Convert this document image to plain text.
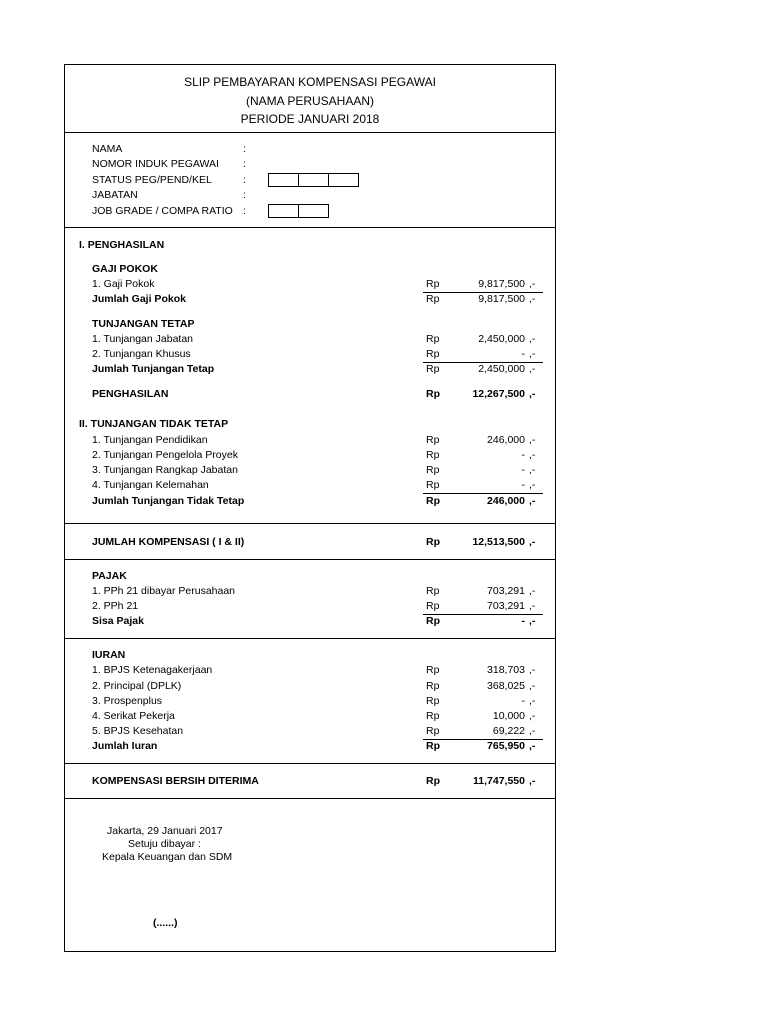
SLIP PEMBAYARAN KOMPENSASI PEGAWAI
(NAMA PERUSAHAAN)
PERIODE JANUARI 2018
NAMA	:
NOMOR INDUK PEGAWAI :
STATUS PEG/PEND/KEL	:
JABATAN	:
JOB GRADE / COMPA RATIO :
I. PENGHASILAN
GAJI POKOK
1. Gaji Pokok	Rp	9,817,500 ,-
Jumlah Gaji Pokok	Rp	9,817,500 ,-
TUNJANGAN TETAP
1. Tunjangan Jabatan	Rp	2,450,000 ,-
2. Tunjangan Khusus	Rp	- ,-
Jumlah Tunjangan Tetap	Rp	2,450,000 ,-
PENGHASILAN	Rp	12,267,500 ,-
II. TUNJANGAN TIDAK TETAP
1. Tunjangan Pendidikan	Rp	246,000 ,-
2. Tunjangan Pengelola Proyek	Rp	- ,-
3. Tunjangan Rangkap Jabatan	Rp	- ,-
4. Tunjangan Kelemahan	Rp	- ,-
Jumlah Tunjangan Tidak Tetap	Rp	246,000 ,-
JUMLAH KOMPENSASI ( I & II)	Rp	12,513,500 ,-
PAJAK
1. PPh 21 dibayar Perusahaan	Rp	703,291 ,-
2. PPh 21	Rp	703,291 ,-
Sisa Pajak	Rp	- ,-
IURAN
1. BPJS Ketenagakerjaan	Rp	318,703 ,-
2. Principal (DPLK)	Rp	368,025 ,-
3. Prospenplus	Rp	- ,-
4. Serikat Pekerja	Rp	10,000 ,-
5. BPJS Kesehatan	Rp	69,222 ,-
Jumlah Iuran	Rp	765,950 ,-
KOMPENSASI BERSIH DITERIMA	Rp	11,747,550 ,-
Jakarta, 29 Januari 2017
Setuju dibayar :
Kepala Keuangan dan SDM
(......)
